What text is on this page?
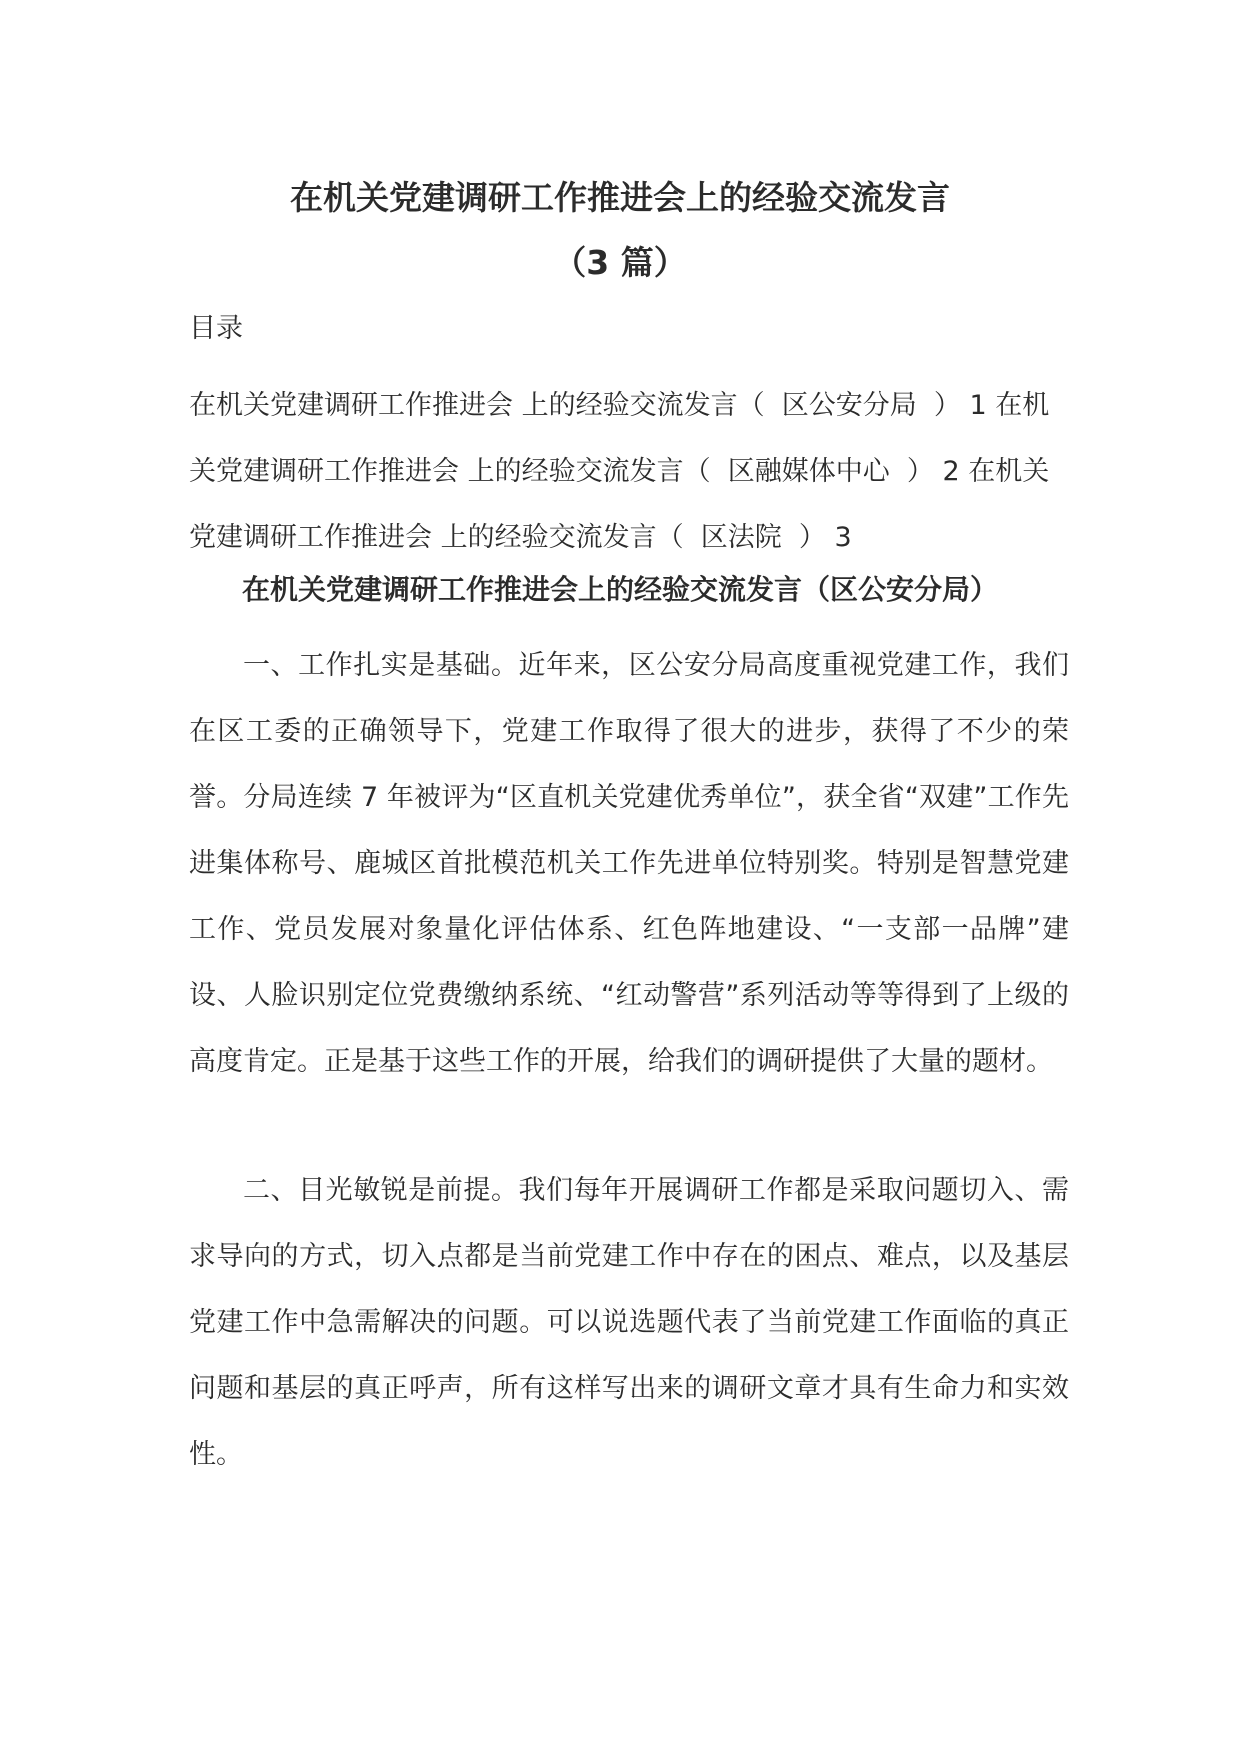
在机关党建调研工作推进会上的经验交流发言
（3 篇）
目录
在机关党建调研工作推进会 上的经验交流发言（  区公安分局  ） 1 在机关党建调研工作推进会 上的经验交流发言（  区融媒体中心  ） 2 在机关党建调研工作推进会 上的经验交流发言（  区法院  ） 3
在机关党建调研工作推进会上的经验交流发言（区公安分局）

一、工作扎实是基础。近年来，区公安分局高度重视党建工作，我们在区工委的正确领导下，党建工作取得了很大的进步，获得了不少的荣誉。分局连续 7 年被评为“区直机关党建优秀单位”，获全省“双建”工作先进集体称号、鹿城区首批模范机关工作先进单位特别奖。特别是智慧党建工作、党员发展对象量化评估体系、红色阵地建设、“一支部一品牌”建设、人脸识别定位党费缴纳系统、“红动警营”系列活动等等得到了上级的高度肯定。正是基于这些工作的开展，给我们的调研提供了大量的题材。

二、目光敏锐是前提。我们每年开展调研工作都是采取问题切入、需求导向的方式，切入点都是当前党建工作中存在的困点、难点，以及基层党建工作中急需解决的问题。可以说选题代表了当前党建工作面临的真正问题和基层的真正呼声，所有这样写出来的调研文章才具有生命力和实效性。
